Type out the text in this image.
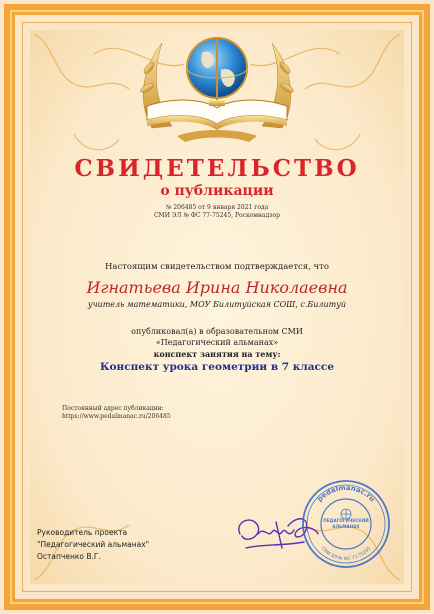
СВИДЕТЕЛЬСТВО
о публикации
№ 206485 от 9 января 2021 года
СМИ ЭЛ № ФС 77-75245, Роскомнадзор
Настоящим свидетельством подтверждается, что
Игнатьева Ирина Николаевна
учитель математики, МОУ Билитуйская СОШ, с.Билитуй
опубликовал(а) в образовательном СМИ
«Педагогический альманах»
конспект занятия на тему:
Конспект урока геометрии в 7 классе
Постоянный адрес публикации:
https://www.pedalmanac.ru/206485
Руководитель проекта
"Педагогический альманах"
Остапченко В.Г.
pedalmanac.ru
СМИ ЭЛ № ФС 77-75245
ПЕДАГОГИЧЕСКИЙ
АЛЬМАНАХ
